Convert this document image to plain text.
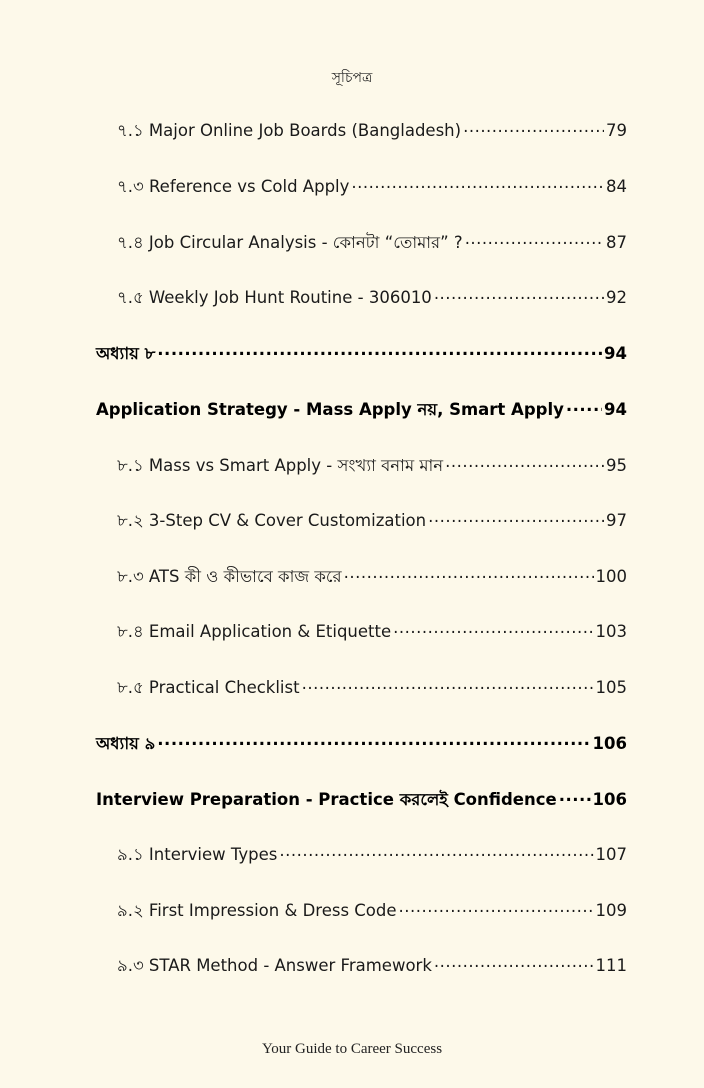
সূচিপত্র
৭.১ Major Online Job Boards (Bangladesh) .....	79
৭.৩ Reference vs Cold Apply .....	84
৭.৪ Job Circular Analysis - কোনটা “তোমার” ? .....	87
৭.৫ Weekly Job Hunt Routine - 306010 .....	92
অধ্যায় ৮ .....	94
Application Strategy - Mass Apply নয়, Smart Apply ..... 94
৮.১ Mass vs Smart Apply - সংখ্যা বনাম মান .....	95
৮.২ 3-Step CV & Cover Customization .....	97
৮.৩ ATS কী ও কীভাবে কাজ করে .....	100
৮.৪ Email Application & Etiquette .....	103
৮.৫ Practical Checklist .....	105
অধ্যায় ৯ .....	106
Interview Preparation - Practice করলেই Confidence ..... 106
৯.১ Interview Types .....	107
৯.২ First Impression & Dress Code .....	109
৯.৩ STAR Method - Answer Framework .....	111
Your Guide to Career Success
